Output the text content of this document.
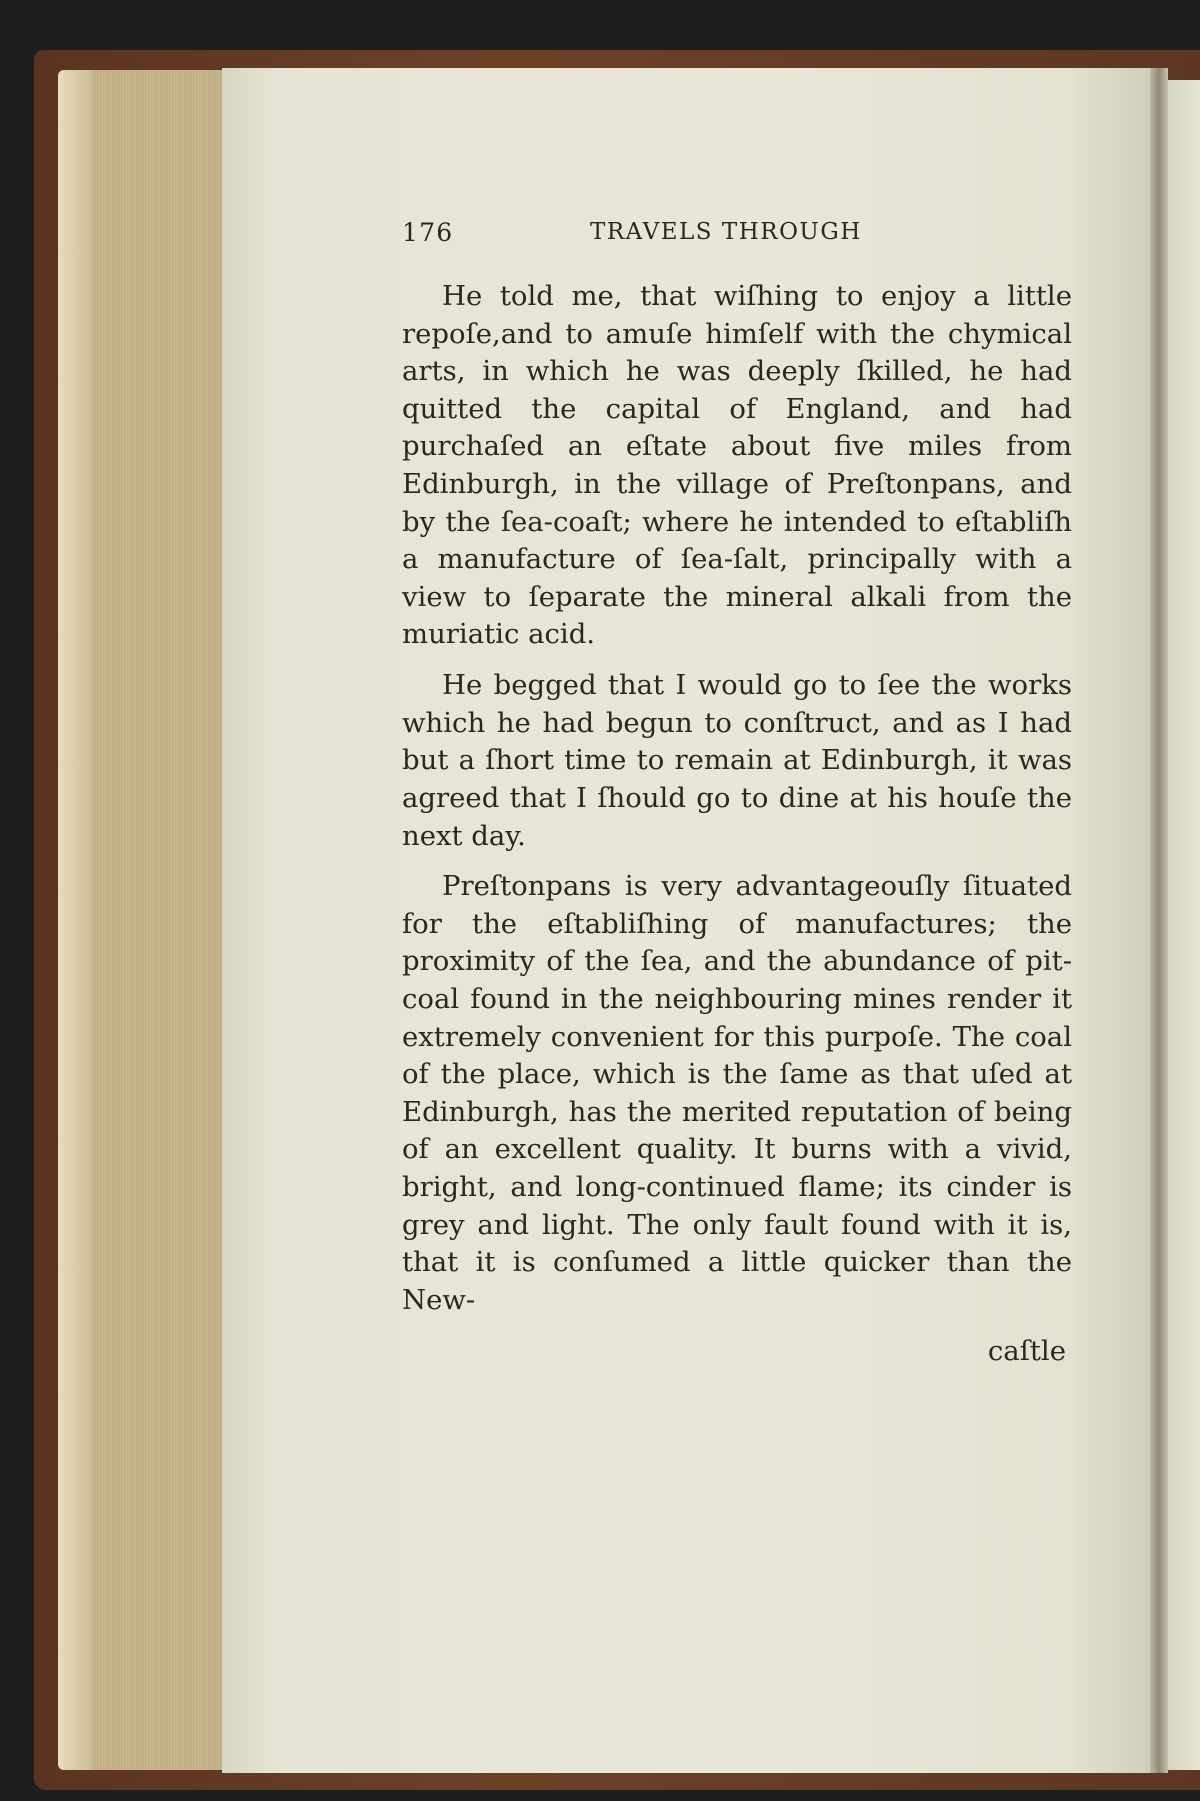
176	TRAVELS THROUGH

He told me, that wiſhing to enjoy a little repoſe,and to amuſe himſelf with the chymical arts, in which he was deeply ſkilled, he had quitted the capital of England, and had purchaſed an eſtate about five miles from Edinburgh, in the village of Preſtonpans, and by the ſea-coaſt; where he intended to eſtabliſh a manufacture of ſea-ſalt, principally with a view to ſeparate the mineral alkali from the muriatic acid.

He begged that I would go to ſee the works which he had begun to conſtruct, and as I had but a ſhort time to remain at Edinburgh, it was agreed that I ſhould go to dine at his houſe the next day.

Preſtonpans is very advantageouſly ſituated for the eſtabliſhing of manufactures; the proximity of the ſea, and the abundance of pit-coal found in the neighbouring mines render it extremely convenient for this purpoſe. The coal of the place, which is the ſame as that uſed at Edinburgh, has the merited reputation of being of an excellent quality. It burns with a vivid, bright, and long-continued flame; its cinder is grey and light. The only fault found with it is, that it is conſumed a little quicker than the New-

caſtle
